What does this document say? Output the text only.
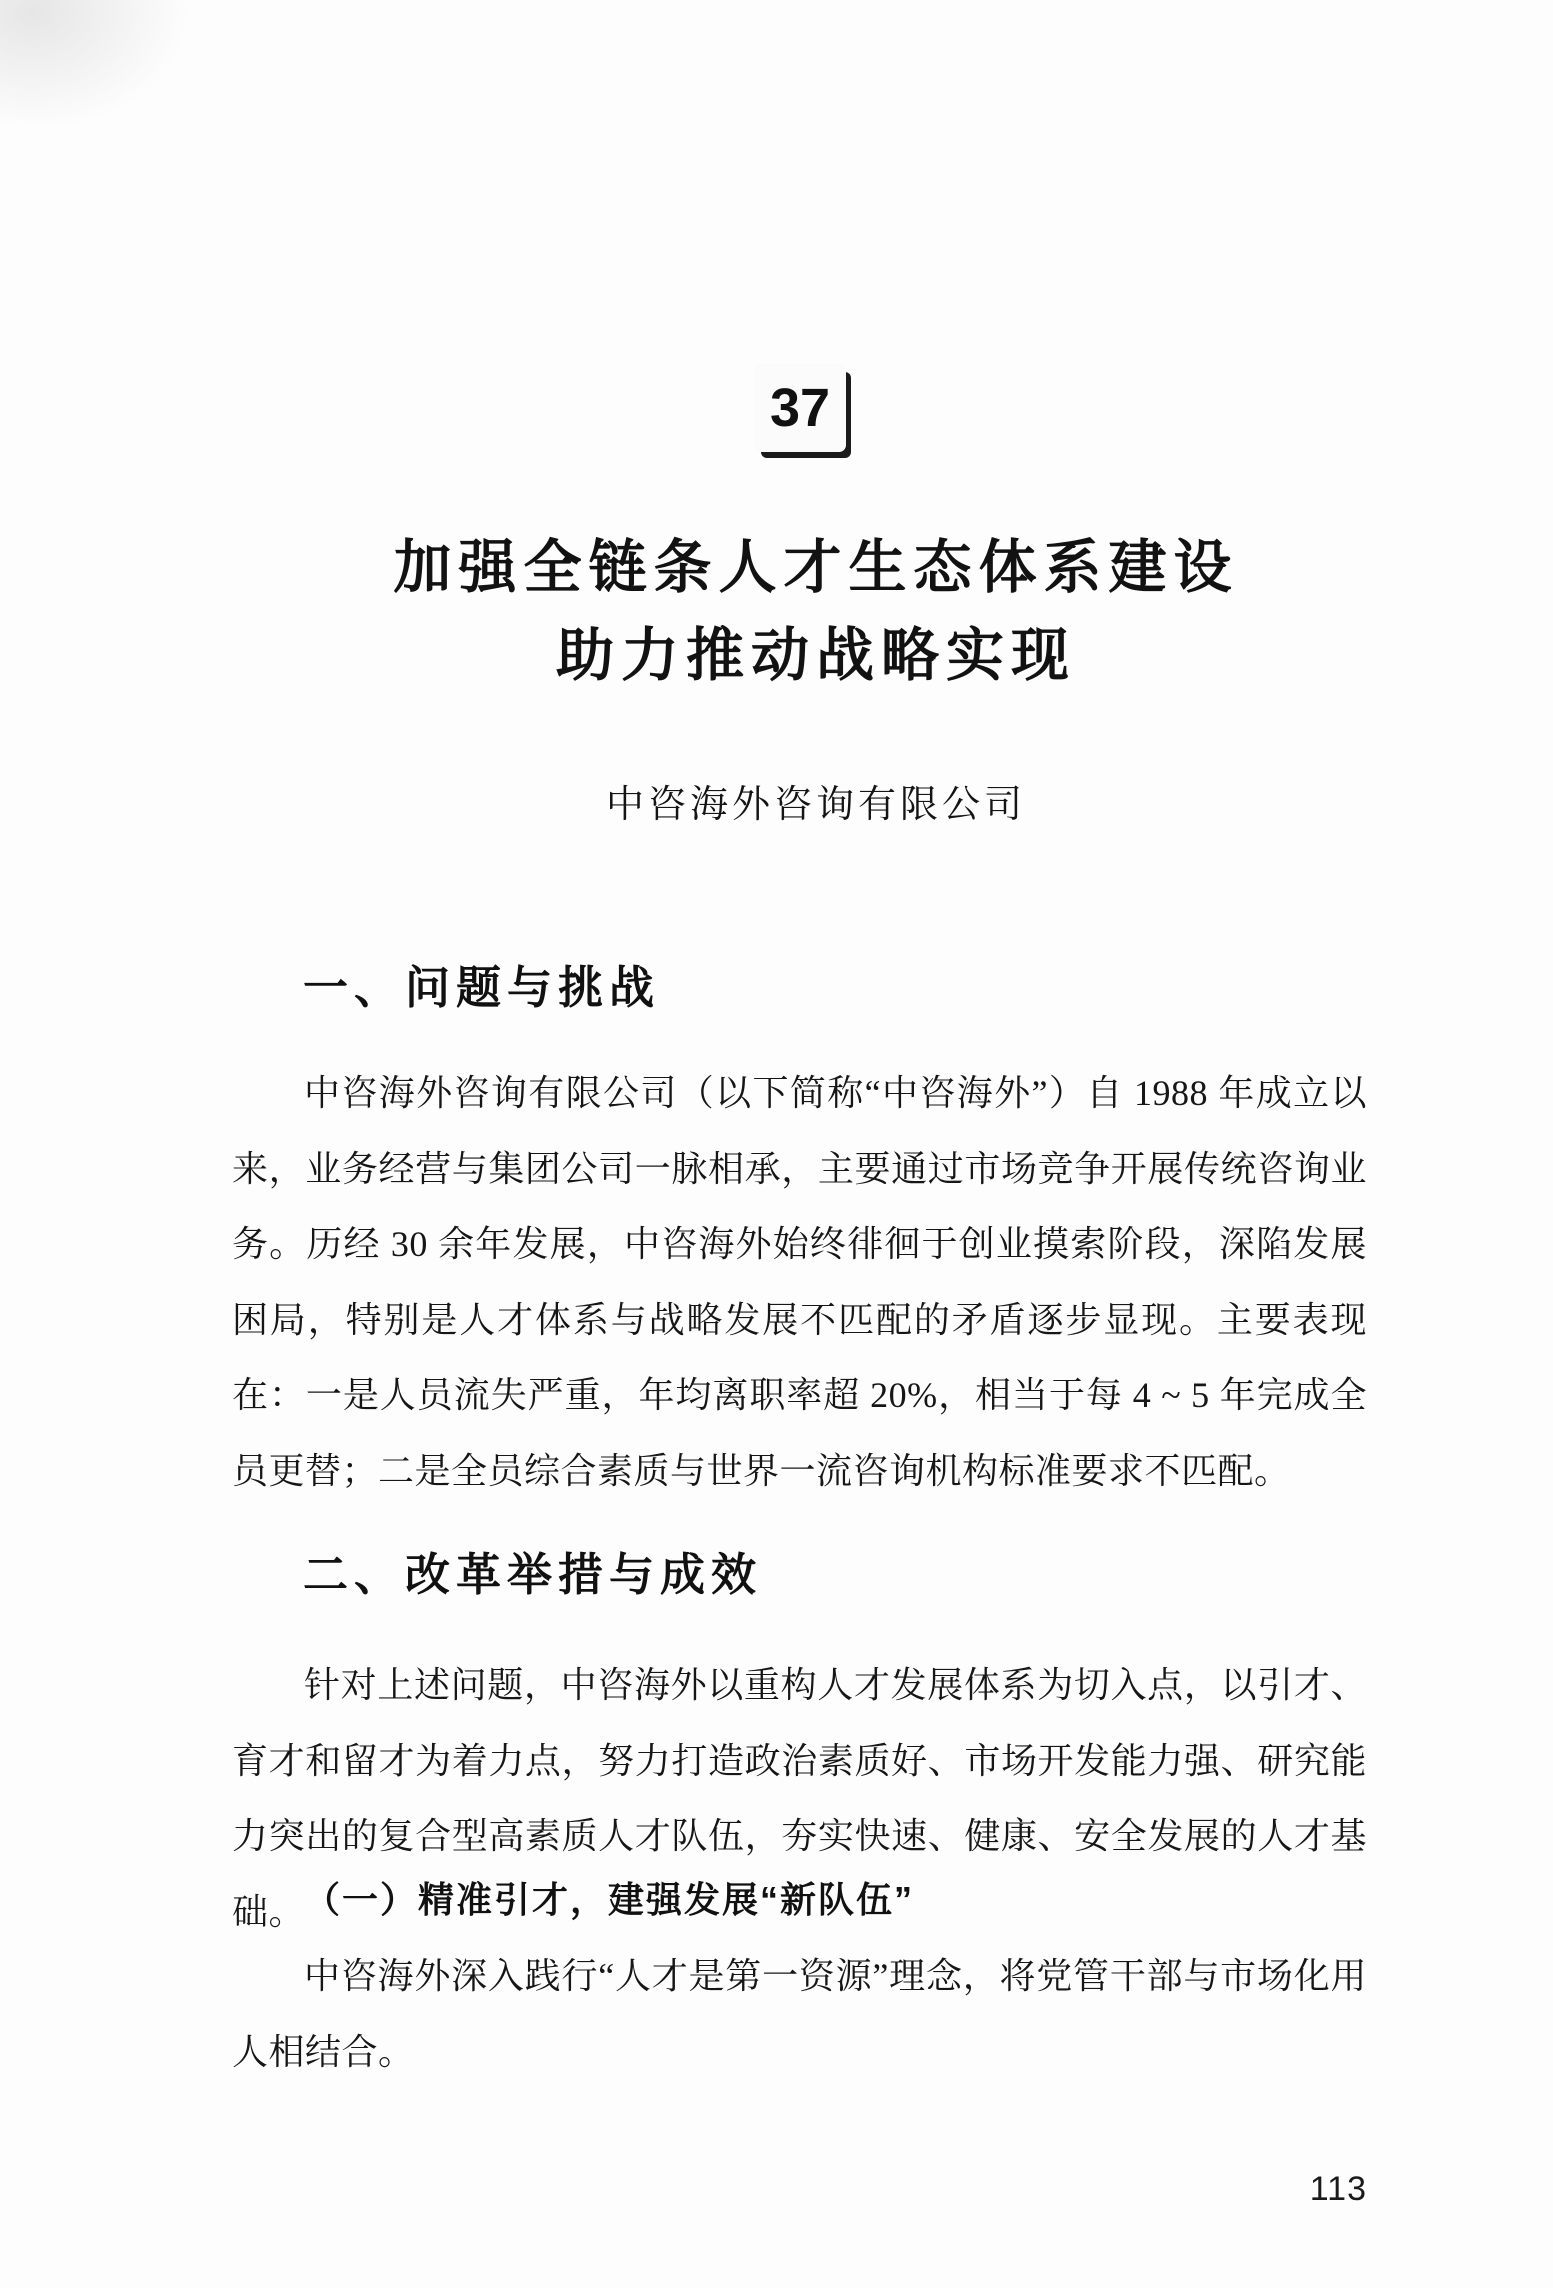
37
加强全链条人才生态体系建设
助力推动战略实现
中咨海外咨询有限公司
一、问题与挑战

中咨海外咨询有限公司（以下简称“中咨海外”）自 1988 年成立以来，业务经营与集团公司一脉相承，主要通过市场竞争开展传统咨询业务。历经 30 余年发展，中咨海外始终徘徊于创业摸索阶段，深陷发展困局，特别是人才体系与战略发展不匹配的矛盾逐步显现。主要表现在：一是人员流失严重，年均离职率超 20%，相当于每 4 ~ 5 年完成全员更替；二是全员综合素质与世界一流咨询机构标准要求不匹配。

二、改革举措与成效

针对上述问题，中咨海外以重构人才发展体系为切入点，以引才、育才和留才为着力点，努力打造政治素质好、市场开发能力强、研究能力突出的复合型高素质人才队伍，夯实快速、健康、安全发展的人才基础。

（一）精准引才，建强发展“新队伍”

中咨海外深入践行“人才是第一资源”理念，将党管干部与市场化用人相结合。

113
